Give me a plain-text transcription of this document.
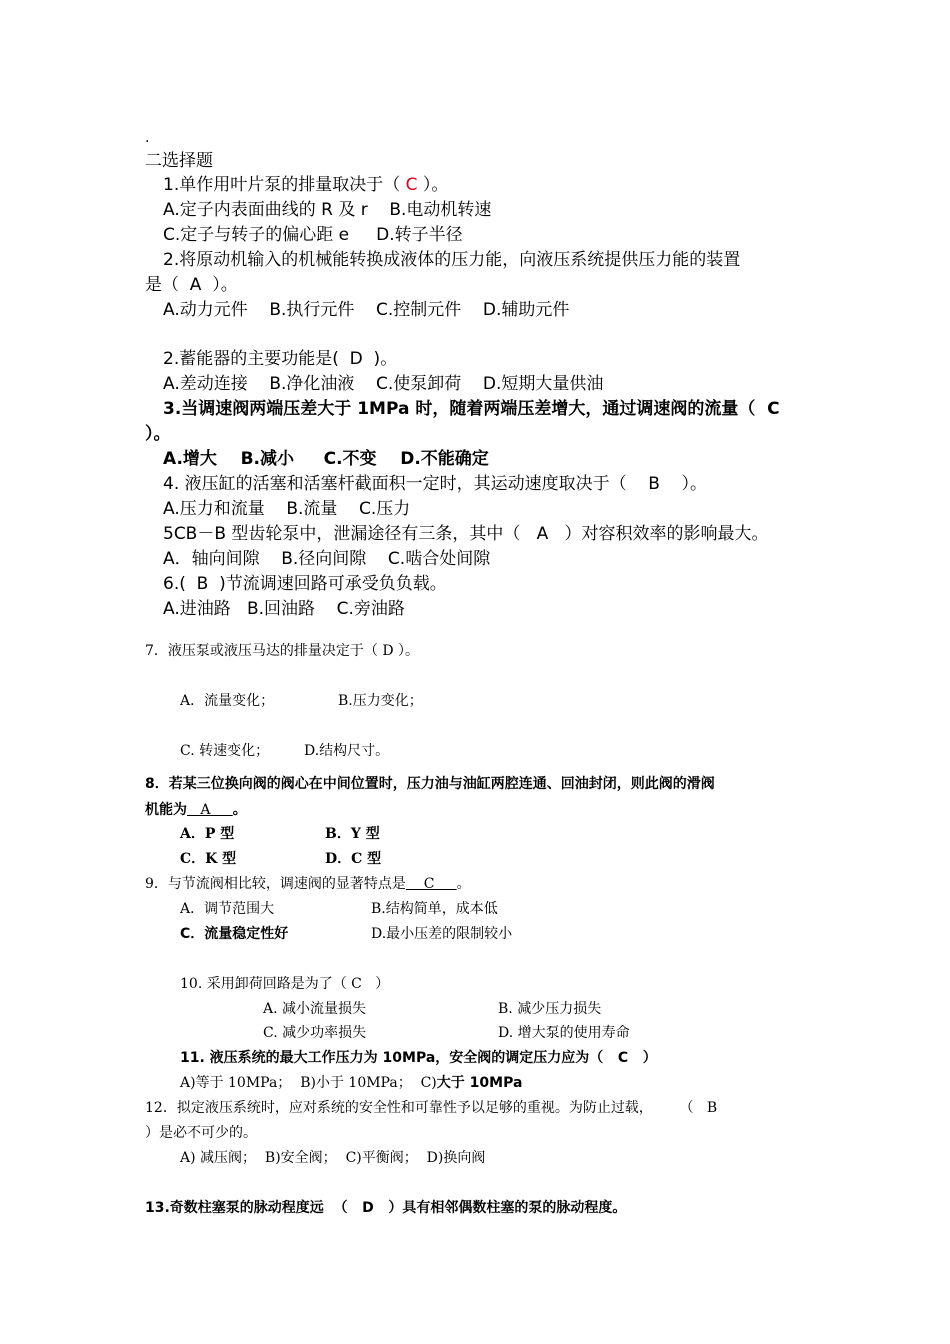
.
二选择题
1.单作用叶片泵的排量取决于（ C ）。
A.定子内表面曲线的 R 及 r    B.电动机转速
C.定子与转子的偏心距 e     D.转子半径
2.将原动机输入的机械能转换成液体的压力能，向液压系统提供压力能的装置
是（  A  ）。
A.动力元件    B.执行元件    C.控制元件    D.辅助元件
2.蓄能器的主要功能是(  D  )。
A.差动连接    B.净化油液    C.使泵卸荷    D.短期大量供油
3.当调速阀两端压差大于 1MPa 时，随着两端压差增大，通过调速阀的流量（  C
）。
A.增大    B.减小     C.不变    D.不能确定
4. 液压缸的活塞和活塞杆截面积一定时，其运动速度取决于（    B    ）。
A.压力和流量    B.流量    C.压力
5CB－B 型齿轮泵中，泄漏途径有三条，其中（   A   ）对容积效率的影响最大。
A．轴向间隙    B.径向间隙    C.啮合处间隙
6.(  B  )节流调速回路可承受负负载。
A.进油路   B.回油路    C.旁油路
7．液压泵或液压马达的排量决定于（ D ）。
A．流量变化；	B.压力变化；
C. 转速变化； D.结构尺寸。
8．若某三位换向阀的阀心在中间位置时，压力油与油缸两腔连通、回油封闭，则此阀的滑阀
机能为   A     。
A．P 型	B．Y 型
C．K 型	D．C 型
9．与节流阀相比较，调速阀的显著特点是    C     。
A．调节范围大	B.结构简单，成本低
C．流量稳定性好	D.最小压差的限制较小
10. 采用卸荷回路是为了（ C   ）
A. 减小流量损失	B. 减少压力损失
C. 减少功率损失	D. 增大泵的使用寿命
11. 液压系统的最大工作压力为 10MPa，安全阀的调定压力应为（   C   ）
A)等于 10MPa；  B)小于 10MPa；  C)大于 10MPa
12．拟定液压系统时，应对系统的安全性和可靠性予以足够的重视。为防止过载，      （   B
）是必不可少的。
A) 减压阀；  B)安全阀；  C)平衡阀；  D)换向阀
13.奇数柱塞泵的脉动程度远  （   D   ）具有相邻偶数柱塞的泵的脉动程度。
